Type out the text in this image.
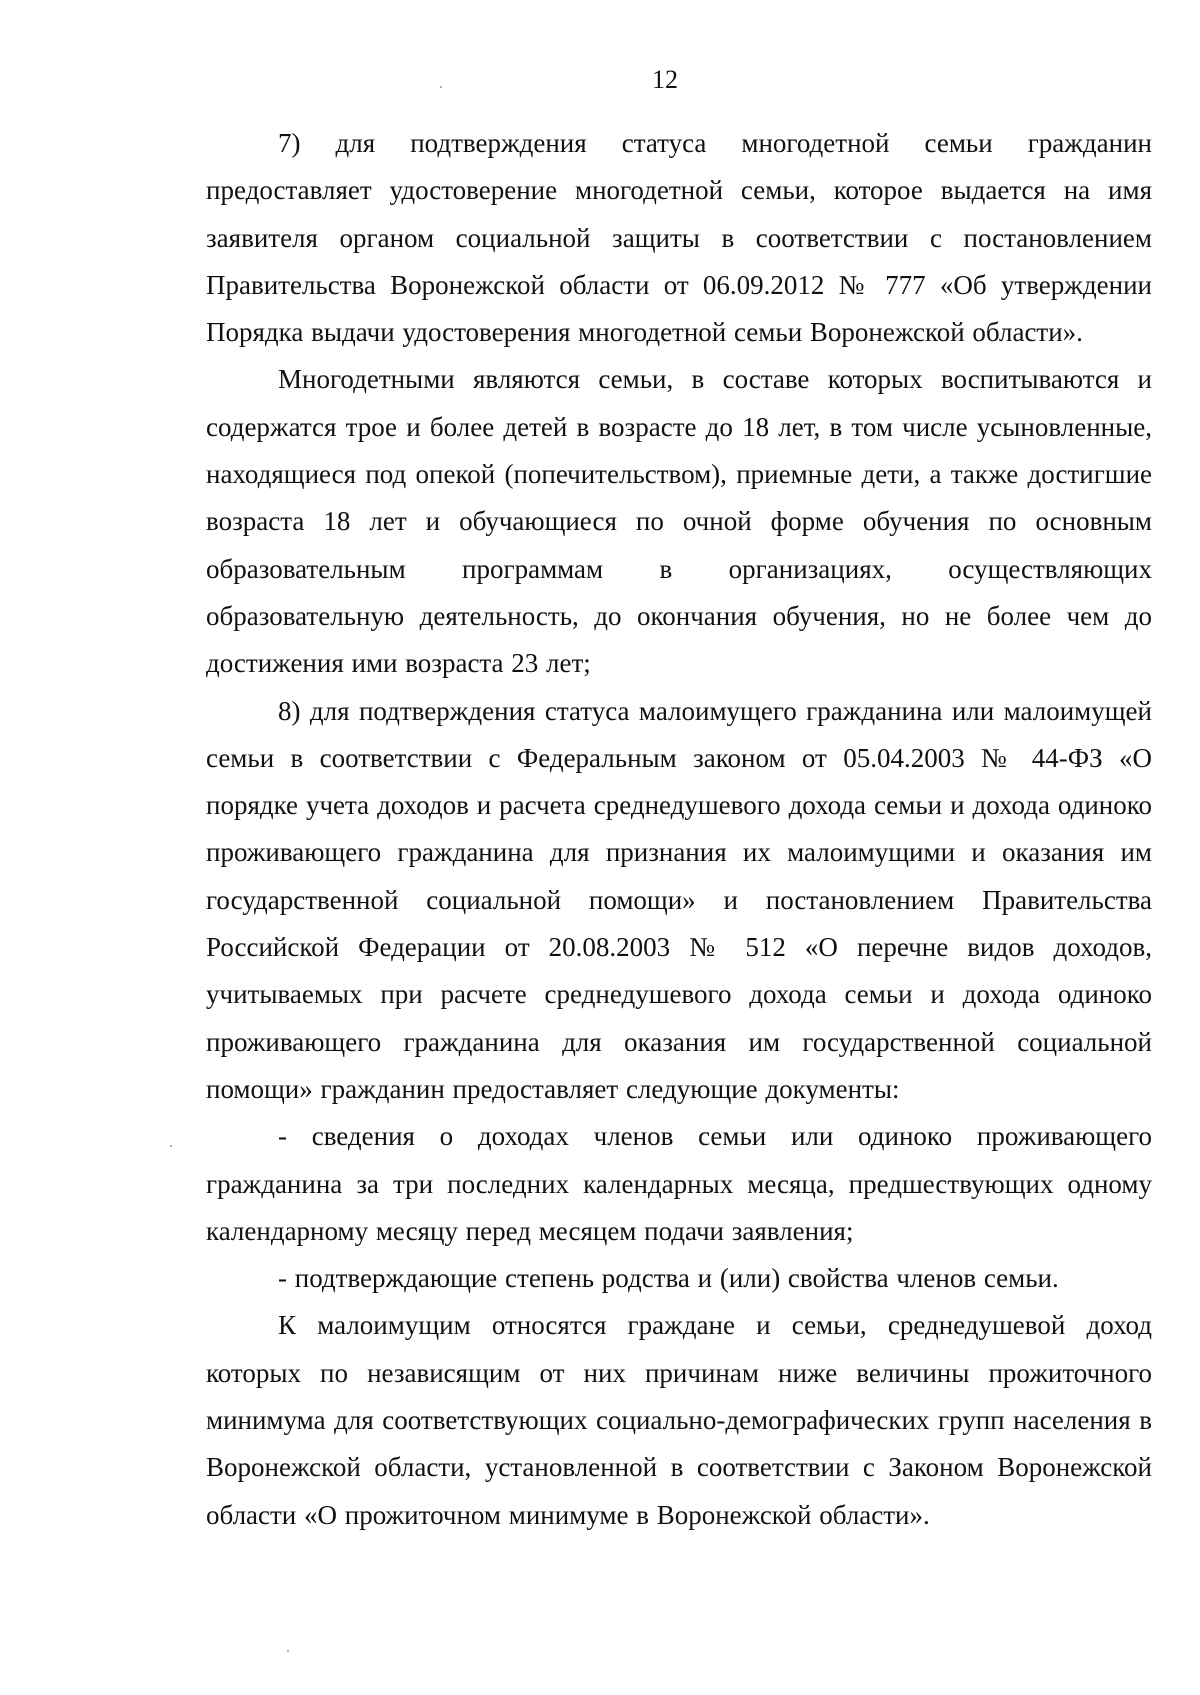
12

7) для подтверждения статуса многодетной семьи гражданин предоставляет удостоверение многодетной семьи, которое выдается на имя заявителя органом социальной защиты в соответствии с постановлением Правительства Воронежской области от 06.09.2012 № 777 «Об утверждении Порядка выдачи удостоверения многодетной семьи Воронежской области».

Многодетными являются семьи, в составе которых воспитываются и содержатся трое и более детей в возрасте до 18 лет, в том числе усыновленные, находящиеся под опекой (попечительством), приемные дети, а также достигшие возраста 18 лет и обучающиеся по очной форме обучения по основным образовательным программам в организациях, осуществляющих образовательную деятельность, до окончания обучения, но не более чем до достижения ими возраста 23 лет;

8) для подтверждения статуса малоимущего гражданина или малоимущей семьи в соответствии с Федеральным законом от 05.04.2003 № 44-ФЗ «О порядке учета доходов и расчета среднедушевого дохода семьи и дохода одиноко проживающего гражданина для признания их малоимущими и оказания им государственной социальной помощи» и постановлением Правительства Российской Федерации от 20.08.2003 № 512 «О перечне видов доходов, учитываемых при расчете среднедушевого дохода семьи и дохода одиноко проживающего гражданина для оказания им государственной социальной помощи» гражданин предоставляет следующие документы:

- сведения о доходах членов семьи или одиноко проживающего гражданина за три последних календарных месяца, предшествующих одному календарному месяцу перед месяцем подачи заявления;

- подтверждающие степень родства и (или) свойства членов семьи.

К малоимущим относятся граждане и семьи, среднедушевой доход которых по независящим от них причинам ниже величины прожиточного минимума для соответствующих социально-демографических групп населения в Воронежской области, установленной в соответствии с Законом Воронежской области «О прожиточном минимуме в Воронежской области».
